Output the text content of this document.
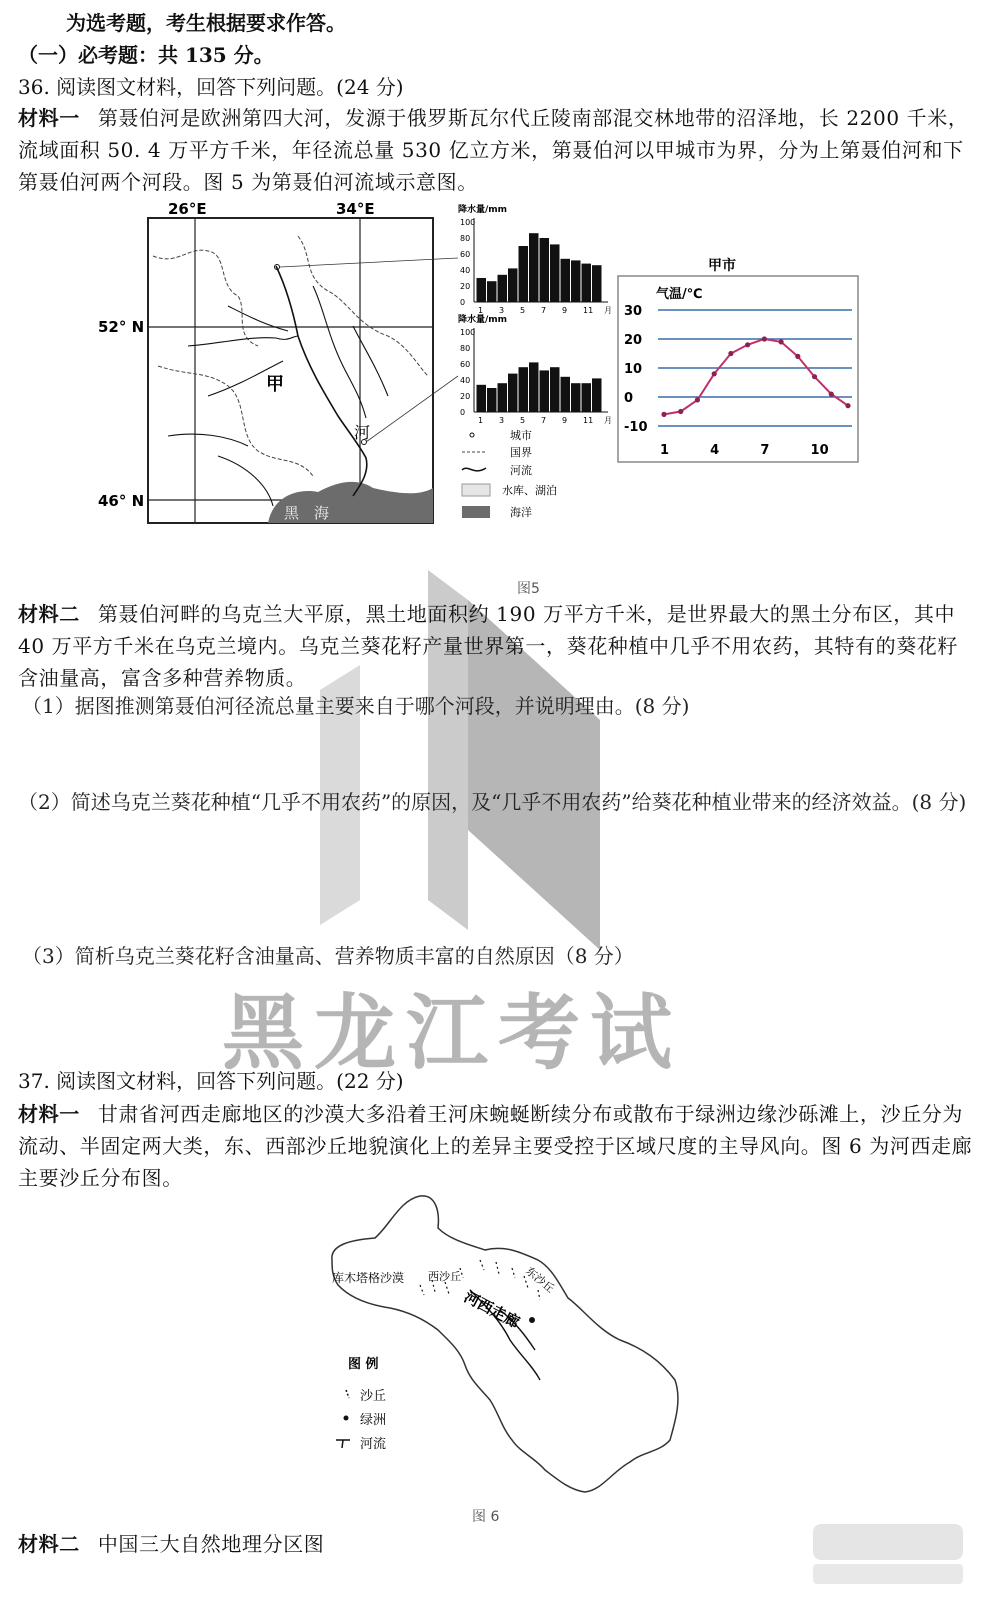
为选考题，考生根据要求作答。
（一）必考题：共 135 分。
36. 阅读图文材料，回答下列问题。(24 分)
材料一 第聂伯河是欧洲第四大河，发源于俄罗斯瓦尔代丘陵南部混交林地带的沼泽地，长 2200 千米，流域面积 50. 4 万平方千米，年径流总量 530 亿立方米，第聂伯河以甲城市为界，分为上第聂伯河和下第聂伯河两个河段。图 5 为第聂伯河流域示意图。
26°E	34°E
52° N
46° N
甲
河
黑　海
降水量/mm
100
80
60
40
20
0
1 3 5 7 9 11 月
降水量/mm
100
80
60
40
20
0
1 3 5 7 9 11 月
城市
国界
河流
水库、湖泊
海洋
甲市
气温/℃
30
20
10
0
-10
1	4	7	10
图5
材料二 第聂伯河畔的乌克兰大平原，黑土地面积约 190 万平方千米，是世界最大的黑土分布区，其中 40 万平方千米在乌克兰境内。乌克兰葵花籽产量世界第一，葵花种植中几乎不用农药，其特有的葵花籽含油量高，富含多种营养物质。
（1）据图推测第聂伯河径流总量主要来自于哪个河段，并说明理由。(8 分)
（2）简述乌克兰葵花种植“几乎不用农药”的原因，及“几乎不用农药”给葵花种植业带来的经济效益。(8 分)
（3）简析乌克兰葵花籽含油量高、营养物质丰富的自然原因（8 分）
黑龙江考试
37. 阅读图文材料，回答下列问题。(22 分)
材料一 甘肃省河西走廊地区的沙漠大多沿着王河床蜿蜒断续分布或散布于绿洲边缘沙砾滩上，沙丘分为流动、半固定两大类，东、西部沙丘地貌演化上的差异主要受控于区域尺度的主导风向。图 6 为河西走廊主要沙丘分布图。
库木塔格沙漠 西沙丘	东沙丘
河西走廊
图 例
沙丘
绿洲
河流
图 6
材料二 中国三大自然地理分区图
